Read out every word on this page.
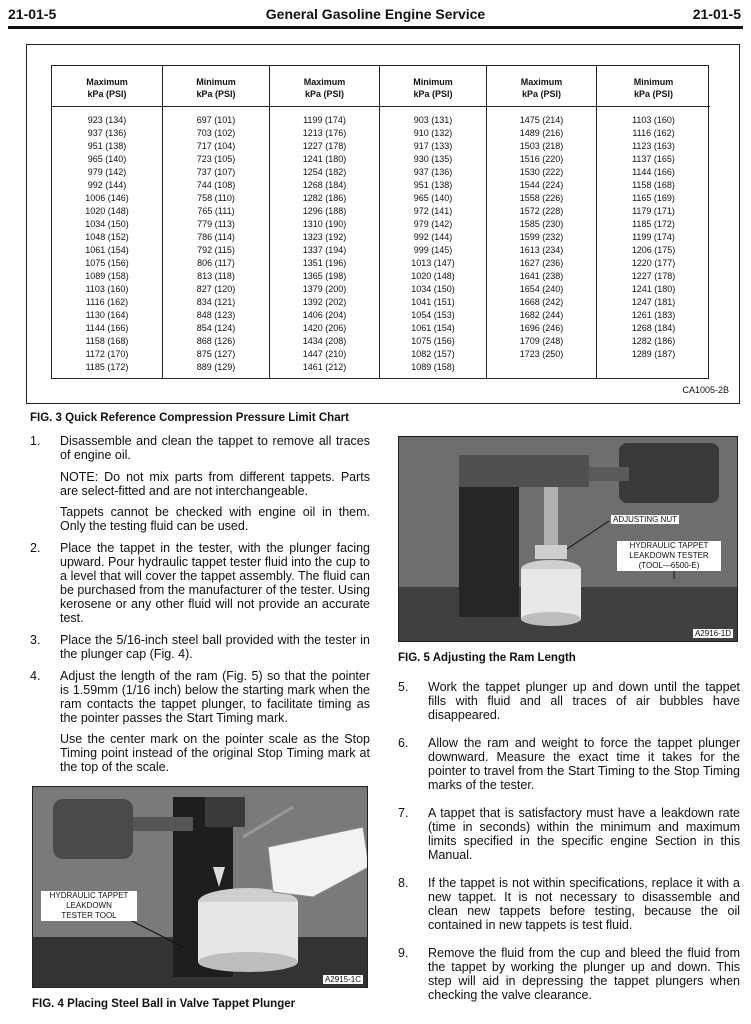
21-01-5	General Gasoline Engine Service	21-01-5
Maximum
kPa (PSI)
923 (134)
937 (136)
951 (138)
965 (140)
979 (142)
992 (144)
1006 (146)
1020 (148)
1034 (150)
1048 (152)
1061 (154)
1075 (156)
1089 (158)
1103 (160)
1116 (162)
1130 (164)
1144 (166)
1158 (168)
1172 (170)
1185 (172)
Minimum
kPa (PSI)
697 (101)
703 (102)
717 (104)
723 (105)
737 (107)
744 (108)
758 (110)
765 (111)
779 (113)
786 (114)
792 (115)
806 (117)
813 (118)
827 (120)
834 (121)
848 (123)
854 (124)
868 (126)
875 (127)
889 (129)
Maximum
kPa (PSI)
1199 (174)
1213 (176)
1227 (178)
1241 (180)
1254 (182)
1268 (184)
1282 (186)
1296 (188)
1310 (190)
1323 (192)
1337 (194)
1351 (196)
1365 (198)
1379 (200)
1392 (202)
1406 (204)
1420 (206)
1434 (208)
1447 (210)
1461 (212)
Minimum
kPa (PSI)
903 (131)
910 (132)
917 (133)
930 (135)
937 (136)
951 (138)
965 (140)
972 (141)
979 (142)
992 (144)
999 (145)
1013 (147)
1020 (148)
1034 (150)
1041 (151)
1054 (153)
1061 (154)
1075 (156)
1082 (157)
1089 (158)
Maximum
kPa (PSI)
1475 (214)
1489 (216)
1503 (218)
1516 (220)
1530 (222)
1544 (224)
1558 (226)
1572 (228)
1585 (230)
1599 (232)
1613 (234)
1627 (236)
1641 (238)
1654 (240)
1668 (242)
1682 (244)
1696 (246)
1709 (248)
1723 (250)
Minimum
kPa (PSI)
1103 (160)
1116 (162)
1123 (163)
1137 (165)
1144 (166)
1158 (168)
1165 (169)
1179 (171)
1185 (172)
1199 (174)
1206 (175)
1220 (177)
1227 (178)
1241 (180)
1247 (181)
1261 (183)
1268 (184)
1282 (186)
1289 (187)
CA1005-2B
FIG. 3 Quick Reference Compression Pressure Limit Chart
1. Disassemble and clean the tappet to remove all traces of engine oil.
NOTE: Do not mix parts from different tappets. Parts are select-fitted and are not interchangeable.
Tappets cannot be checked with engine oil in them. Only the testing fluid can be used.
2. Place the tappet in the tester, with the plunger facing upward. Pour hydraulic tappet tester fluid into the cup to a level that will cover the tappet assembly. The fluid can be purchased from the manufacturer of the tester. Using kerosene or any other fluid will not provide an accurate test.
3. Place the 5/16-inch steel ball provided with the tester in the plunger cap (Fig. 4).
4. Adjust the length of the ram (Fig. 5) so that the pointer is 1.59mm (1/16 inch) below the starting mark when the ram contacts the tappet plunger, to facilitate timing as the pointer passes the Start Timing mark.
Use the center mark on the pointer scale as the Stop Timing point instead of the original Stop Timing mark at the top of the scale.
HYDRAULIC TAPPET
LEAKDOWN
TESTER TOOL
A2915-1C
FIG. 4 Placing Steel Ball in Valve Tappet Plunger
ADJUSTING NUT
HYDRAULIC TAPPET
LEAKDOWN TESTER
(TOOL—6500-E)
A2916-1D
FIG. 5 Adjusting the Ram Length
5. Work the tappet plunger up and down until the tappet fills with fluid and all traces of air bubbles have disappeared.
6. Allow the ram and weight to force the tappet plunger downward. Measure the exact time it takes for the pointer to travel from the Start Timing to the Stop Timing marks of the tester.
7. A tappet that is satisfactory must have a leakdown rate (time in seconds) within the minimum and maximum limits specified in the specific engine Section in this Manual.
8. If the tappet is not within specifications, replace it with a new tappet. It is not necessary to disassemble and clean new tappets before testing, because the oil contained in new tappets is test fluid.
9. Remove the fluid from the cup and bleed the fluid from the tappet by working the plunger up and down. This step will aid in depressing the tappet plungers when checking the valve clearance.
